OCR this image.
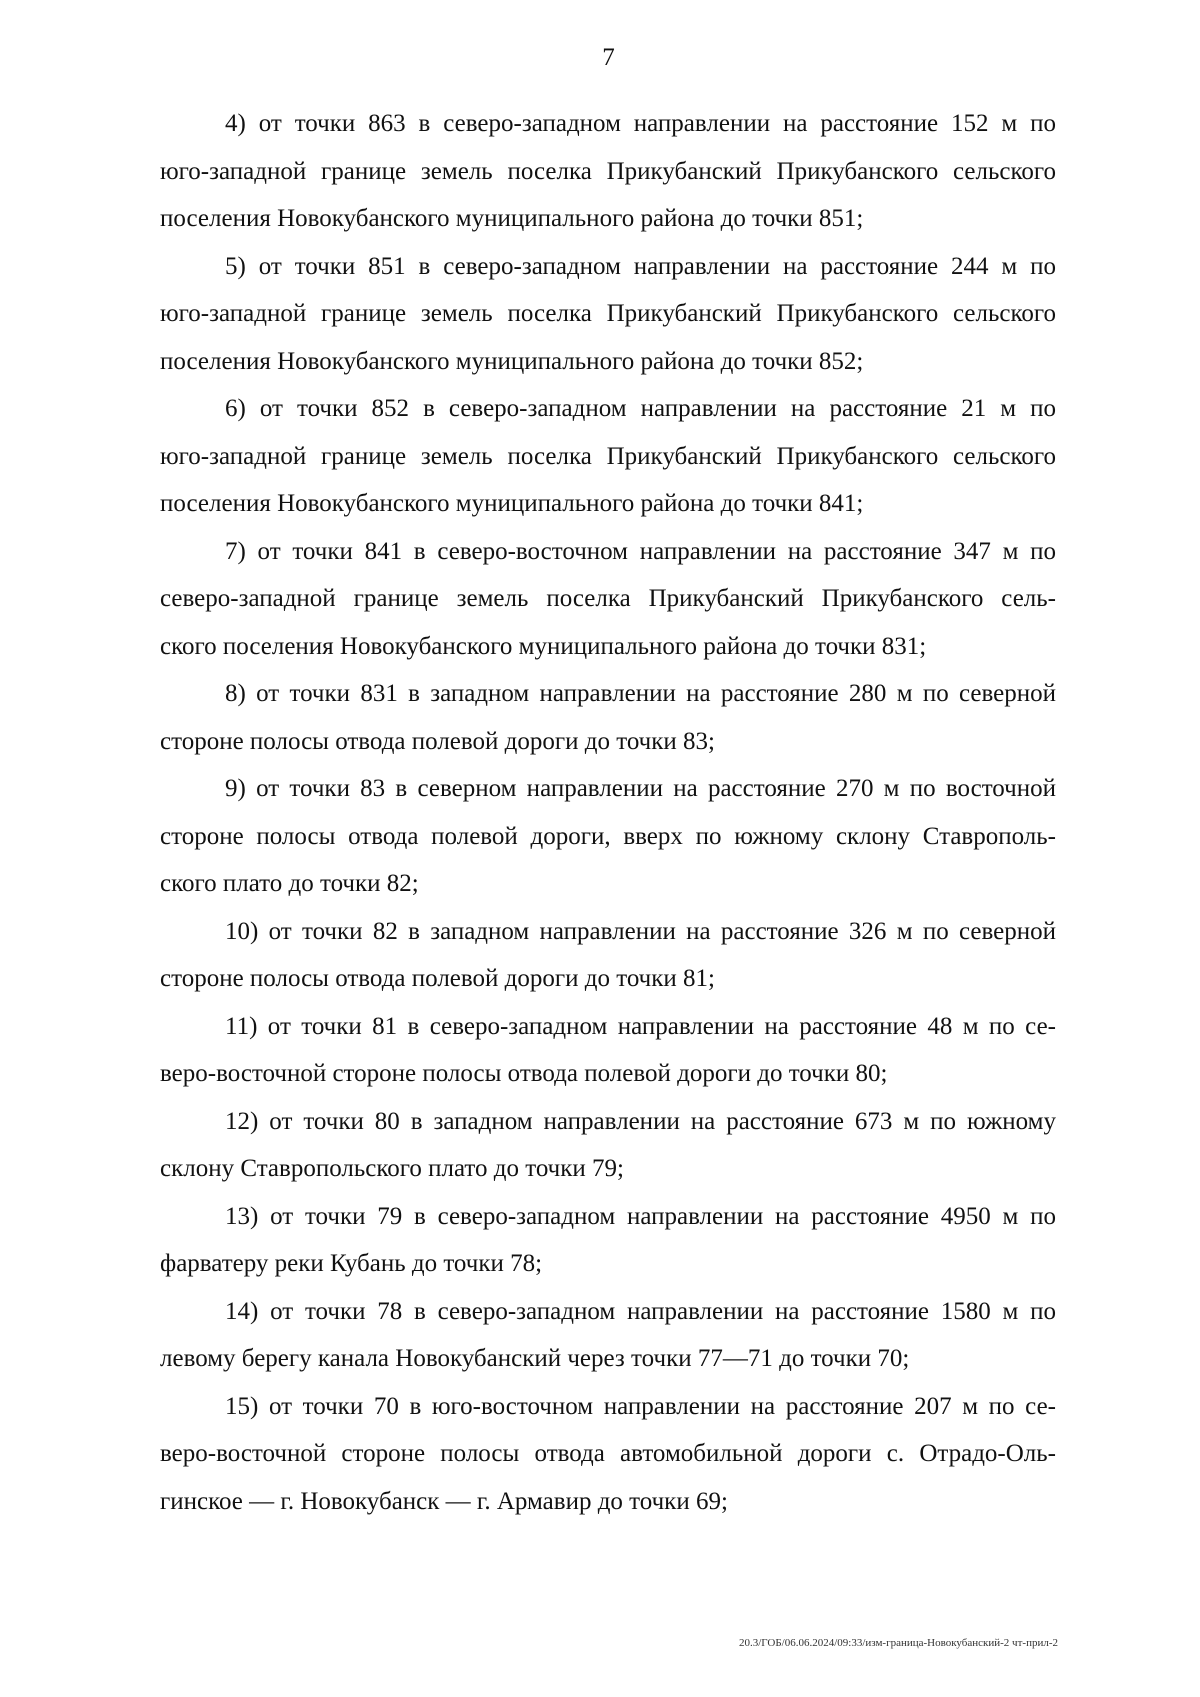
7
4) от точки 863 в северо-западном направлении на расстояние 152 м по
юго-западной границе земель поселка Прикубанский Прикубанского сельского
поселения Новокубанского муниципального района до точки 851;
5) от точки 851 в северо-западном направлении на расстояние 244 м по
юго-западной границе земель поселка Прикубанский Прикубанского сельского
поселения Новокубанского муниципального района до точки 852;
6) от точки 852 в северо-западном направлении на расстояние 21 м по
юго-западной границе земель поселка Прикубанский Прикубанского сельского
поселения Новокубанского муниципального района до точки 841;
7) от точки 841 в северо-восточном направлении на расстояние 347 м по
северо-западной границе земель поселка Прикубанский Прикубанского сель-
ского поселения Новокубанского муниципального района до точки 831;
8) от точки 831 в западном направлении на расстояние 280 м по северной
стороне полосы отвода полевой дороги до точки 83;
9) от точки 83 в северном направлении на расстояние 270 м по восточной
стороне полосы отвода полевой дороги, вверх по южному склону Ставрополь-
ского плато до точки 82;
10) от точки 82 в западном направлении на расстояние 326 м по северной
стороне полосы отвода полевой дороги до точки 81;
11) от точки 81 в северо-западном направлении на расстояние 48 м по се-
веро-восточной стороне полосы отвода полевой дороги до точки 80;
12) от точки 80 в западном направлении на расстояние 673 м по южному
склону Ставропольского плато до точки 79;
13) от точки 79 в северо-западном направлении на расстояние 4950 м по
фарватеру реки Кубань до точки 78;
14) от точки 78 в северо-западном направлении на расстояние 1580 м по
левому берегу канала Новокубанский через точки 77—71 до точки 70;
15) от точки 70 в юго-восточном направлении на расстояние 207 м по се-
веро-восточной стороне полосы отвода автомобильной дороги с. Отрадо-Оль-
гинское — г. Новокубанск — г. Армавир до точки 69;
20.3/ГОБ/06.06.2024/09:33/изм-граница-Новокубанский-2 чт-прил-2
